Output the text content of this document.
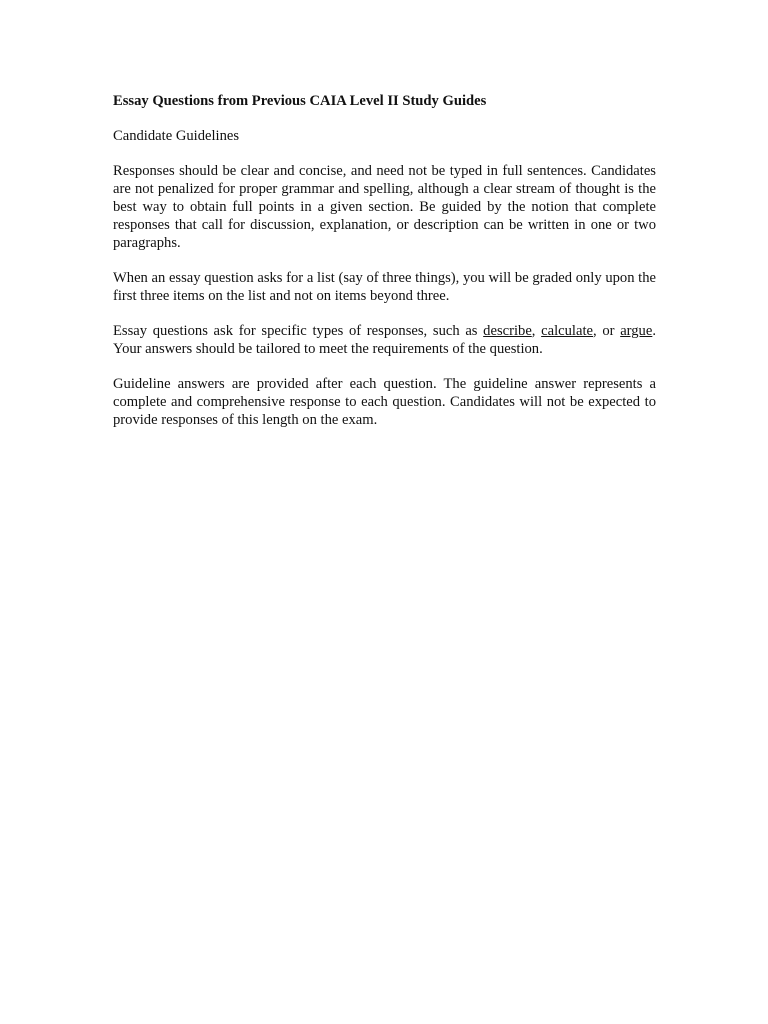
Essay Questions from Previous CAIA Level II Study Guides
Candidate Guidelines
Responses should be clear and concise, and need not be typed in full sentences. Candidates are not penalized for proper grammar and spelling, although a clear stream of thought is the best way to obtain full points in a given section. Be guided by the notion that complete responses that call for discussion, explanation, or description can be written in one or two paragraphs.
When an essay question asks for a list (say of three things), you will be graded only upon the first three items on the list and not on items beyond three.
Essay questions ask for specific types of responses, such as describe, calculate, or argue. Your answers should be tailored to meet the requirements of the question.
Guideline answers are provided after each question. The guideline answer represents a complete and comprehensive response to each question. Candidates will not be expected to provide responses of this length on the exam.
